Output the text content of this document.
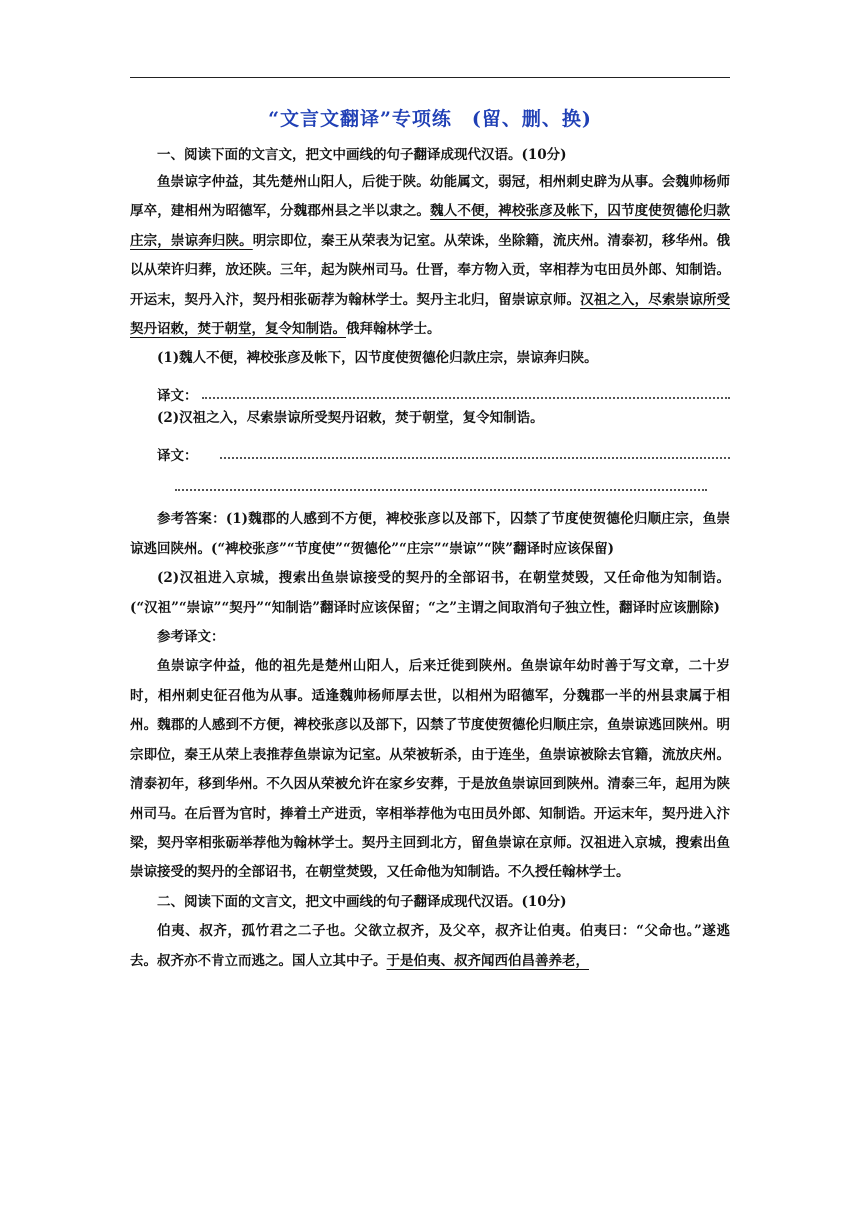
“文言文翻译”专项练　(留、删、换)

一、阅读下面的文言文，把文中画线的句子翻译成现代汉语。(10分)

鱼崇谅字仲益，其先楚州山阳人，后徙于陕。幼能属文，弱冠，相州刺史辟为从事。会魏帅杨师厚卒，建相州为昭德军，分魏郡州县之半以隶之。魏人不便，裨校张彦及帐下，囚节度使贺德伦归款庄宗，崇谅奔归陕。明宗即位，秦王从荣表为记室。从荣诛，坐除籍，流庆州。清泰初，移华州。俄以从荣许归葬，放还陕。三年，起为陕州司马。仕晋，奉方物入贡，宰相荐为屯田员外郎、知制诰。开运末，契丹入汴，契丹相张砺荐为翰林学士。契丹主北归，留崇谅京师。汉祖之入，尽索崇谅所受契丹诏敕，焚于朝堂，复令知制诰。俄拜翰林学士。

(1)魏人不便，裨校张彦及帐下，囚节度使贺德伦归款庄宗，崇谅奔归陕。

译文：

(2)汉祖之入，尽索崇谅所受契丹诏敕，焚于朝堂，复令知制诰。

译文：

参考答案：(1)魏郡的人感到不方便，裨校张彦以及部下，囚禁了节度使贺德伦归顺庄宗，鱼崇谅逃回陕州。(“裨校张彦”“节度使”“贺德伦”“庄宗”“崇谅”“陕”翻译时应该保留)

(2)汉祖进入京城，搜索出鱼崇谅接受的契丹的全部诏书，在朝堂焚毁，又任命他为知制诰。(“汉祖”“崇谅”“契丹”“知制诰”翻译时应该保留；“之”主谓之间取消句子独立性，翻译时应该删除)

参考译文：

鱼崇谅字仲益，他的祖先是楚州山阳人，后来迁徙到陕州。鱼崇谅年幼时善于写文章，二十岁时，相州刺史征召他为从事。适逢魏帅杨师厚去世，以相州为昭德军，分魏郡一半的州县隶属于相州。魏郡的人感到不方便，裨校张彦以及部下，囚禁了节度使贺德伦归顺庄宗，鱼崇谅逃回陕州。明宗即位，秦王从荣上表推荐鱼崇谅为记室。从荣被斩杀，由于连坐，鱼崇谅被除去官籍，流放庆州。清泰初年，移到华州。不久因从荣被允许在家乡安葬，于是放鱼崇谅回到陕州。清泰三年，起用为陕州司马。在后晋为官时，捧着土产进贡，宰相举荐他为屯田员外郎、知制诰。开运末年，契丹进入汴梁，契丹宰相张砺举荐他为翰林学士。契丹主回到北方，留鱼崇谅在京师。汉祖进入京城，搜索出鱼崇谅接受的契丹的全部诏书，在朝堂焚毁，又任命他为知制诰。不久授任翰林学士。

二、阅读下面的文言文，把文中画线的句子翻译成现代汉语。(10分)

伯夷、叔齐，孤竹君之二子也。父欲立叔齐，及父卒，叔齐让伯夷。伯夷曰：“父命也。”遂逃去。叔齐亦不肯立而逃之。国人立其中子。于是伯夷、叔齐闻西伯昌善养老，
